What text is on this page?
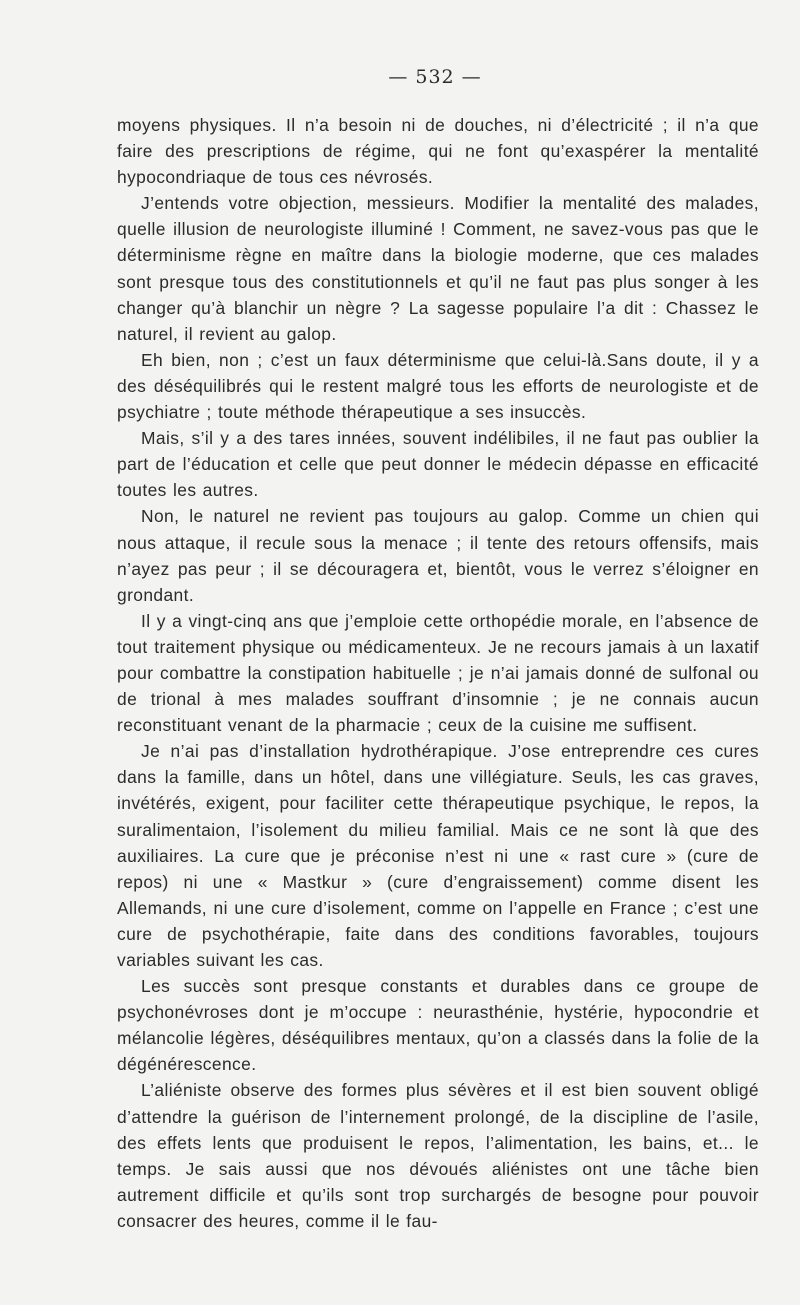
— 532 —

moyens physiques. Il n’a besoin ni de douches, ni d’électricité ; il n’a que faire des prescriptions de régime, qui ne font qu’exaspérer la mentalité hypocondriaque de tous ces névrosés.

J’entends votre objection, messieurs. Modifier la mentalité des malades, quelle illusion de neurologiste illuminé ! Comment, ne savez-vous pas que le déterminisme règne en maître dans la biologie moderne, que ces malades sont presque tous des constitutionnels et qu’il ne faut pas plus songer à les changer qu’à blanchir un nègre ? La sagesse populaire l’a dit : Chassez le naturel, il revient au galop.

Eh bien, non ; c’est un faux déterminisme que celui-là.Sans doute, il y a des déséquilibrés qui le restent malgré tous les efforts de neurologiste et de psychiatre ; toute méthode thérapeutique a ses insuccès.

Mais, s’il y a des tares innées, souvent indélibiles, il ne faut pas oublier la part de l’éducation et celle que peut donner le médecin dépasse en efficacité toutes les autres.

Non, le naturel ne revient pas toujours au galop. Comme un chien qui nous attaque, il recule sous la menace ; il tente des retours offensifs, mais n’ayez pas peur ; il se découragera et, bientôt, vous le verrez s’éloigner en grondant.

Il y a vingt-cinq ans que j’emploie cette orthopédie morale, en l’absence de tout traitement physique ou médicamenteux. Je ne recours jamais à un laxatif pour combattre la constipation habituelle ; je n’ai jamais donné de sulfonal ou de trional à mes malades souffrant d’insomnie ; je ne connais aucun reconstituant venant de la pharmacie ; ceux de la cuisine me suffisent.

Je n’ai pas d’installation hydrothérapique. J’ose entreprendre ces cures dans la famille, dans un hôtel, dans une villégiature. Seuls, les cas graves, invétérés, exigent, pour faciliter cette thérapeutique psychique, le repos, la suralimentaion, l’isolement du milieu familial. Mais ce ne sont là que des auxiliaires. La cure que je préconise n’est ni une « rast cure » (cure de repos) ni une « Mastkur » (cure d’engraissement) comme disent les Allemands, ni une cure d’isolement, comme on l’appelle en France ; c’est une cure de psychothérapie, faite dans des conditions favorables, toujours variables suivant les cas.

Les succès sont presque constants et durables dans ce groupe de psychonévroses dont je m’occupe : neurasthénie, hystérie, hypocondrie et mélancolie légères, déséquilibres mentaux, qu’on a classés dans la folie de la dégénérescence.

L’aliéniste observe des formes plus sévères et il est bien souvent obligé d’attendre la guérison de l’internement prolongé, de la discipline de l’asile, des effets lents que produisent le repos, l’alimentation, les bains, et... le temps. Je sais aussi que nos dévoués aliénistes ont une tâche bien autrement difficile et qu’ils sont trop surchargés de besogne pour pouvoir consacrer des heures, comme il le fau-
